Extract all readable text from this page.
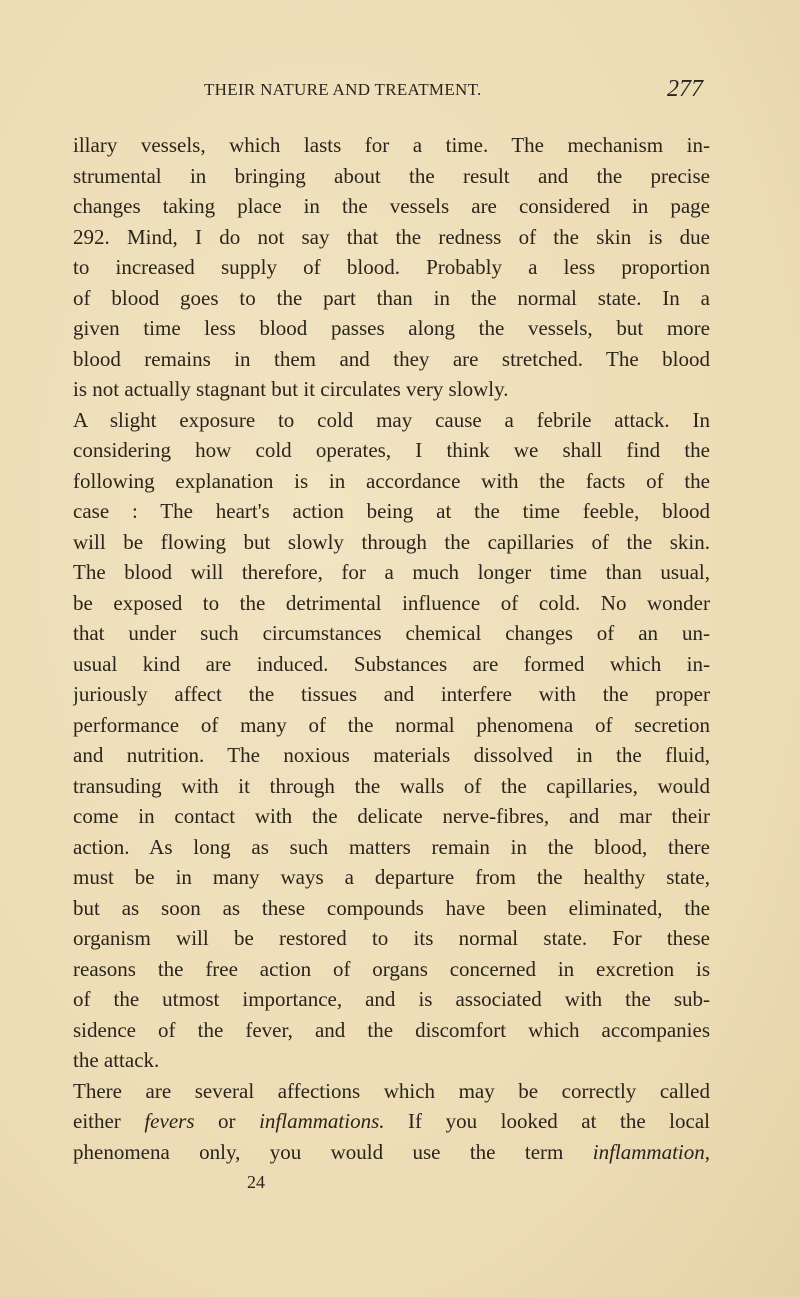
THEIR NATURE AND TREATMENT.	277
illary vessels, which lasts for a time. The mechanism in-
strumental in bringing about the result and the precise
changes taking place in the vessels are considered in page
292. Mind, I do not say that the redness of the skin is due
to increased supply of blood. Probably a less proportion
of blood goes to the part than in the normal state. In a
given time less blood passes along the vessels, but more
blood remains in them and they are stretched. The blood
is not actually stagnant but it circulates very slowly.
A slight exposure to cold may cause a febrile attack. In
considering how cold operates, I think we shall find the
following explanation is in accordance with the facts of the
case : The heart's action being at the time feeble, blood
will be flowing but slowly through the capillaries of the skin.
The blood will therefore, for a much longer time than usual,
be exposed to the detrimental influence of cold. No wonder
that under such circumstances chemical changes of an un-
usual kind are induced. Substances are formed which in-
juriously affect the tissues and interfere with the proper
performance of many of the normal phenomena of secretion
and nutrition. The noxious materials dissolved in the fluid,
transuding with it through the walls of the capillaries, would
come in contact with the delicate nerve-fibres, and mar their
action. As long as such matters remain in the blood, there
must be in many ways a departure from the healthy state,
but as soon as these compounds have been eliminated, the
organism will be restored to its normal state. For these
reasons the free action of organs concerned in excretion is
of the utmost importance, and is associated with the sub-
sidence of the fever, and the discomfort which accompanies
the attack.
There are several affections which may be correctly called
either fevers or inflammations. If you looked at the local
phenomena only, you would use the term inflammation,
24
